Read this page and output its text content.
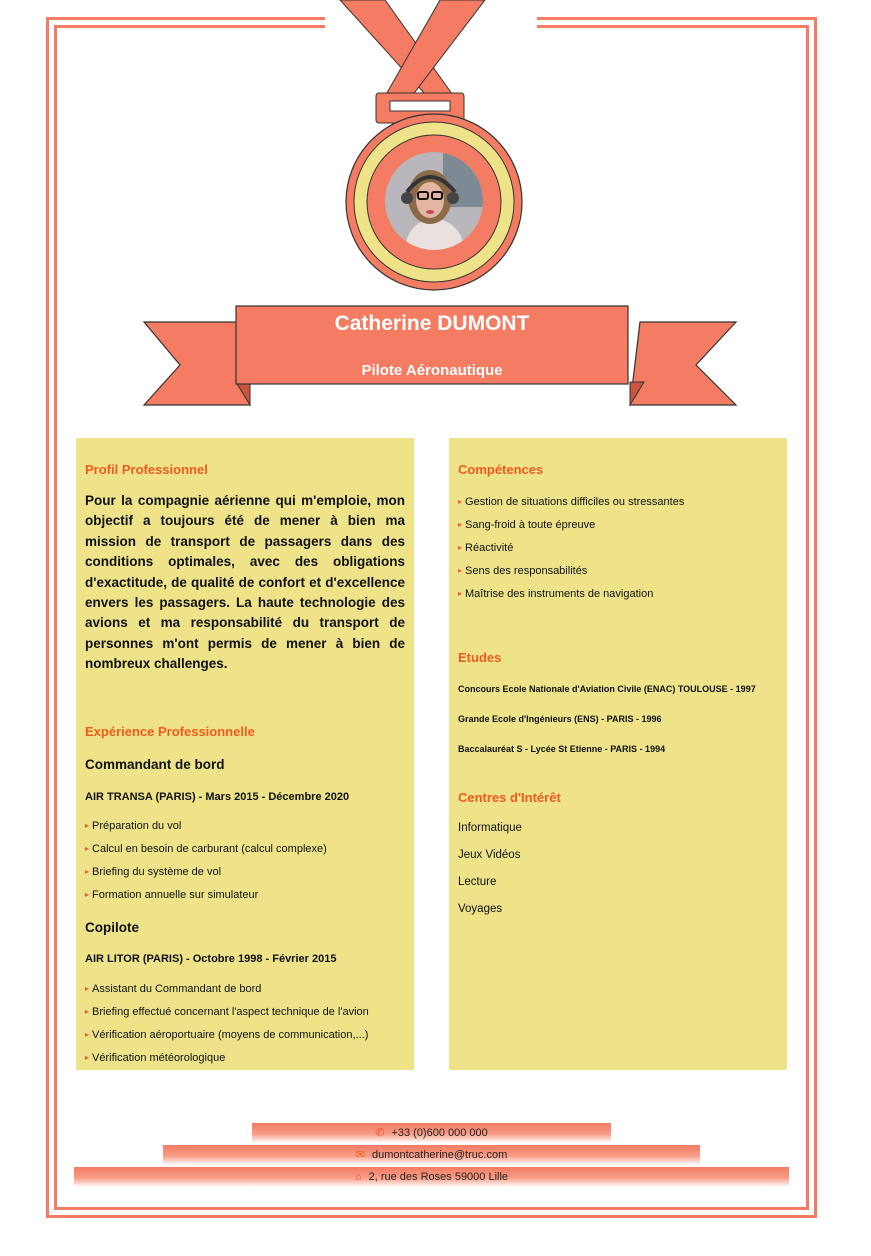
Catherine DUMONT
Pilote Aéronautique

Profil Professionnel

Pour la compagnie aérienne qui m'emploie, mon objectif a toujours été de mener à bien ma mission de transport de passagers dans des conditions optimales, avec des obligations d'exactitude, de qualité de confort et d'excellence envers les passagers. La haute technologie des avions et ma responsabilité du transport de personnes m'ont permis de mener à bien de nombreux challenges.

Expérience Professionnelle

Commandant de bord

AIR TRANSA (PARIS) - Mars 2015 - Décembre 2020

▸ Préparation du vol
▸ Calcul en besoin de carburant (calcul complexe)
▸ Briefing du système de vol
▸ Formation annuelle sur simulateur

Copilote

AIR LITOR (PARIS) - Octobre 1998 - Février 2015

▸ Assistant du Commandant de bord
▸ Briefing effectué concernant l'aspect technique de l'avion
▸ Vérification aéroportuaire (moyens de communication,...)
▸ Vérification météorologique

Compétences

▸ Gestion de situations difficiles ou stressantes
▸ Sang-froid à toute épreuve
▸ Réactivité
▸ Sens des responsabilités
▸ Maîtrise des instruments de navigation

Etudes

Concours Ecole Nationale d'Aviation Civile (ENAC) TOULOUSE - 1997

Grande Ecole d'Ingénieurs (ENS) - PARIS - 1996

Baccalauréat S - Lycée St Etienne - PARIS - 1994

Centres d'Intérêt

Informatique

Jeux Vidéos

Lecture

Voyages

✆ +33 (0)600 000 000
✉ dumontcatherine@truc.com
⌂ 2, rue des Roses 59000 Lille
